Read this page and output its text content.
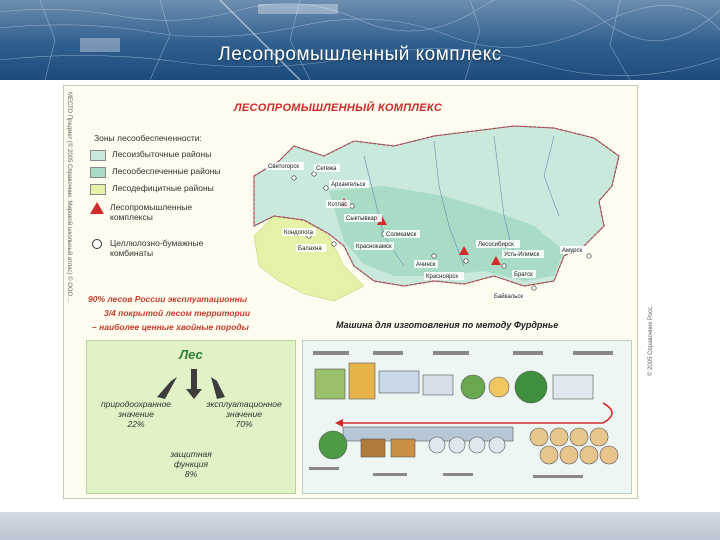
Лесопромышленный комплекс
МЕСТО Предмет (© 2005 Справочник. Мировой школьный атлас) © ООО ...
© 2005 Справочник Росс.
ЛЕСОПРОМЫШЛЕННЫЙ КОМПЛЕКС
Зоны лесообеспеченности:
Лесоизбыточные районы
Лесообеспеченные районы
Лесодефицитные районы
Лесопромышленные комплексы
Целлюлозно-бумажные комбинаты
Светогорск	Сегежа
Архангельск
Котлас
Сыктывкар
Соликамск
Краснокамск
Кондопога
Балахна
Ачинск
Лесосибирск
Красноярск
Усть-Илимск
Братск
Байкальск
Амурск
90% лесов России эксплуатационны
3/4 покрытой лесом территории
– наиболее ценные хвойные породы	Машина для изготовления по методу Фурдрнье
Лес
природоохранное
значение
22%
эксплуатационное
значение
70%
защитная
функция
8%
